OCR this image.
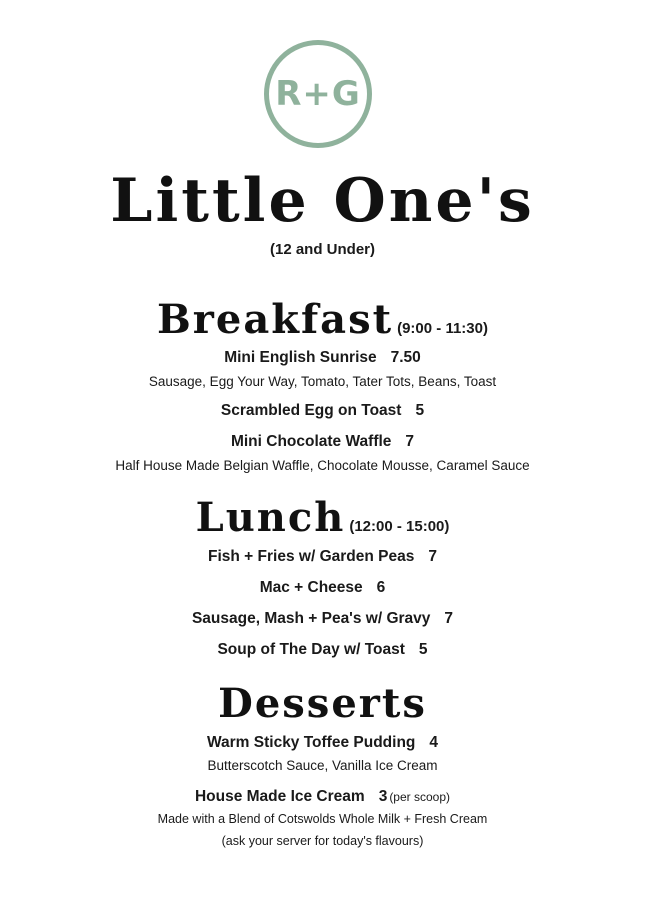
R+G
Little One's
(12 and Under)
Breakfast (9:00 - 11:30)
Mini English Sunrise 7.50
Sausage, Egg Your Way, Tomato, Tater Tots, Beans, Toast
Scrambled Egg on Toast 5
Mini Chocolate Waffle 7
Half House Made Belgian Waffle, Chocolate Mousse, Caramel Sauce
Lunch (12:00 - 15:00)
Fish + Fries w/ Garden Peas 7
Mac + Cheese 6
Sausage, Mash + Pea's w/ Gravy 7
Soup of The Day w/ Toast 5
Desserts
Warm Sticky Toffee Pudding 4
Butterscotch Sauce, Vanilla Ice Cream
House Made Ice Cream 3 (per scoop)
Made with a Blend of Cotswolds Whole Milk + Fresh Cream
(ask your server for today's flavours)
